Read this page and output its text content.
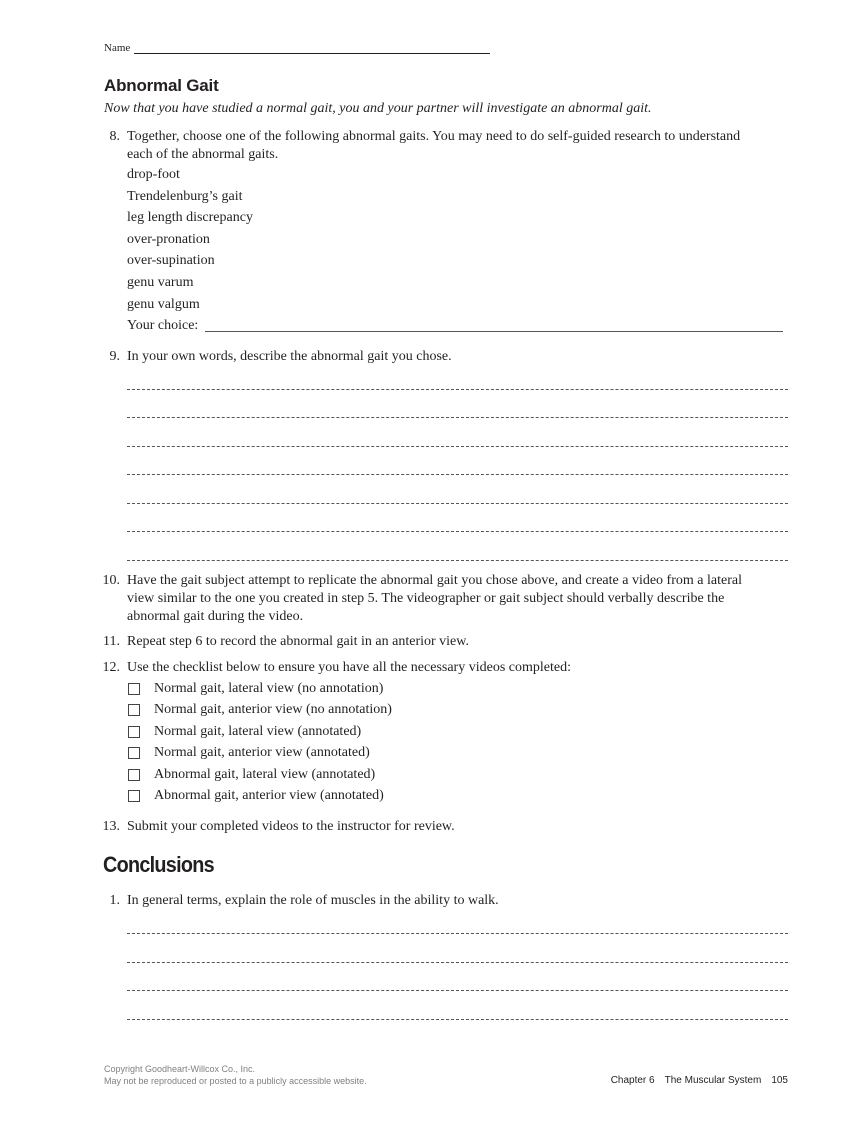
Name
Abnormal Gait
Now that you have studied a normal gait, you and your partner will investigate an abnormal gait.
8. Together, choose one of the following abnormal gaits. You may need to do self-guided research to understand
each of the abnormal gaits.
drop-foot
Trendelenburg’s gait
leg length discrepancy
over-pronation
over-supination
genu varum
genu valgum
Your choice:
9. In your own words, describe the abnormal gait you chose.
10. Have the gait subject attempt to replicate the abnormal gait you chose above, and create a video from a lateral
view similar to the one you created in step 5. The videographer or gait subject should verbally describe the
abnormal gait during the video.
11. Repeat step 6 to record the abnormal gait in an anterior view.
12. Use the checklist below to ensure you have all the necessary videos completed:
Normal gait, lateral view (no annotation)
Normal gait, anterior view (no annotation)
Normal gait, lateral view (annotated)
Normal gait, anterior view (annotated)
Abnormal gait, lateral view (annotated)
Abnormal gait, anterior view (annotated)
13. Submit your completed videos to the instructor for review.
Conclusions
1. In general terms, explain the role of muscles in the ability to walk.
Copyright Goodheart-Willcox Co., Inc.
May not be reproduced or posted to a publicly accessible website.	Chapter 6 The Muscular System 105
